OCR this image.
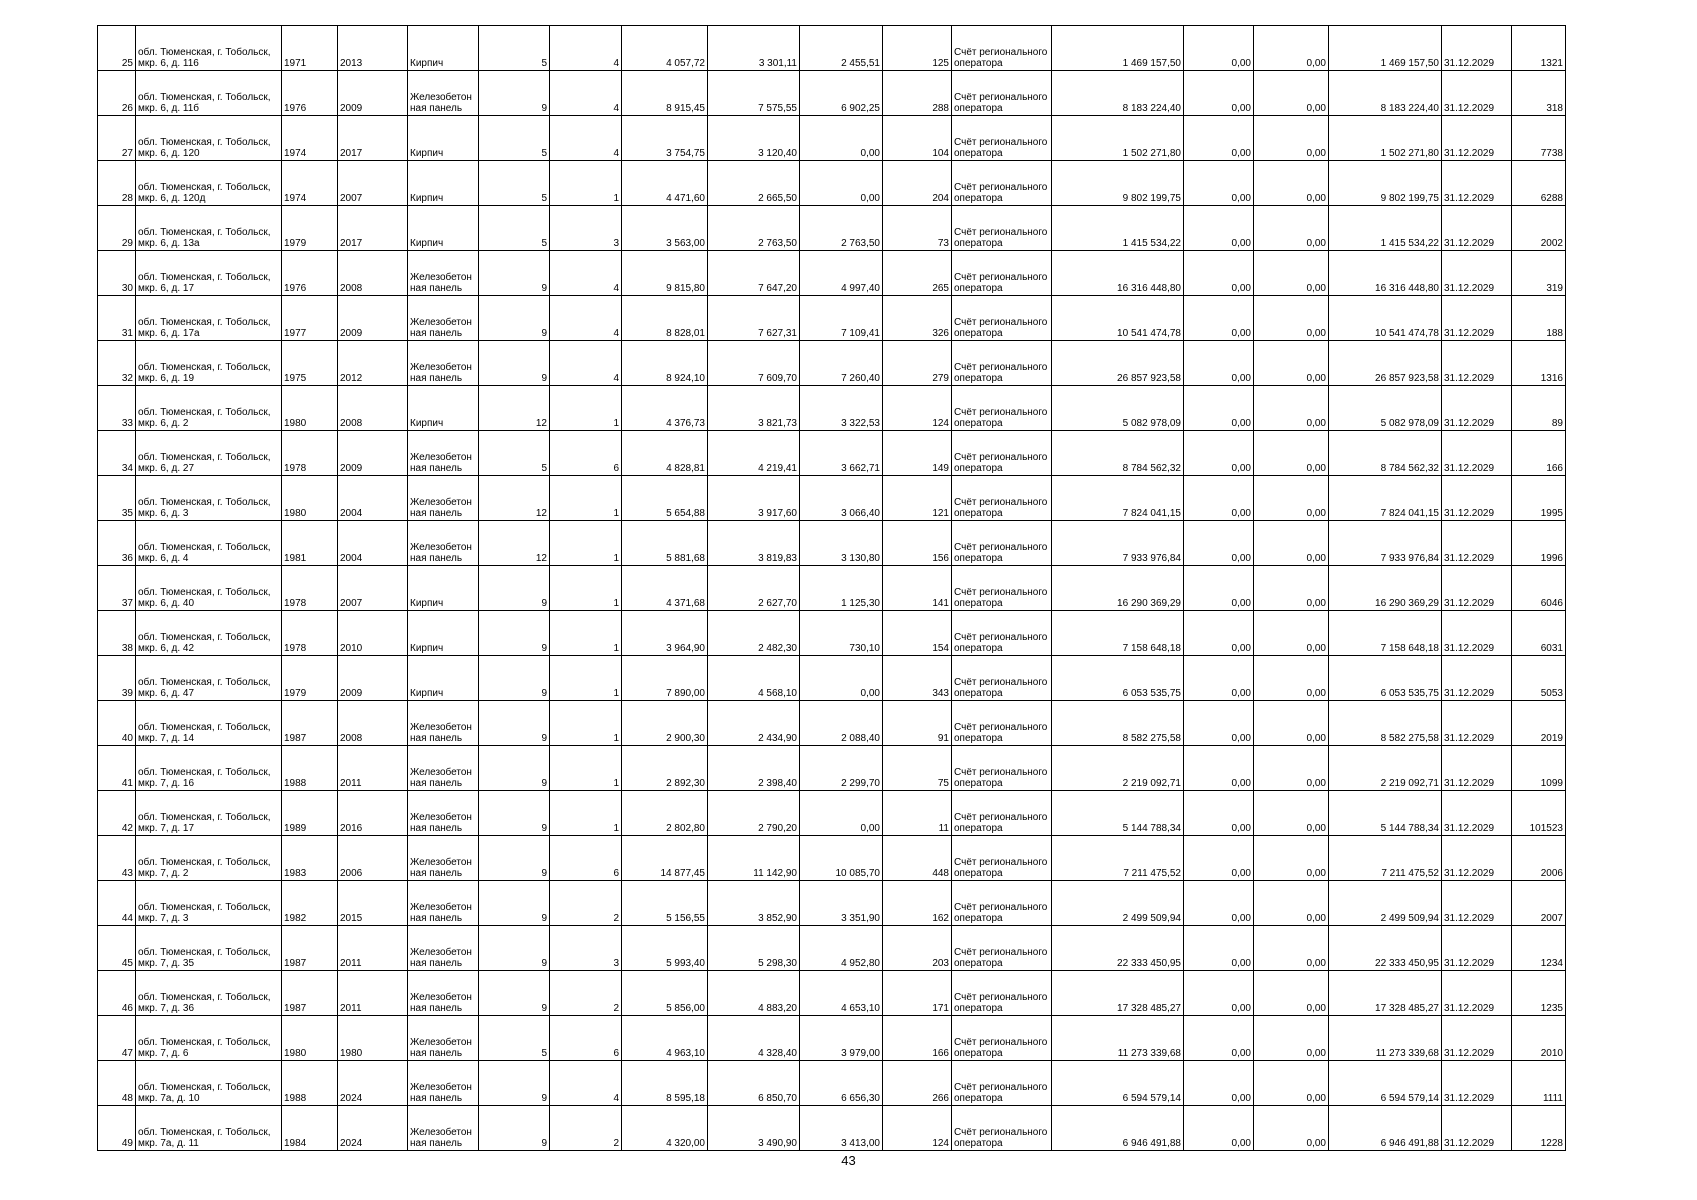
25	обл. Тюменская, г. Тобольск, мкр. 6, д. 116	1971	2013	Кирпич	5	4	4 057,72	3 301,11	2 455,51	125	Счёт регионального оператора	1 469 157,50	0,00	0,00	1 469 157,50	31.12.2029	1321
26	обл. Тюменская, г. Тобольск, мкр. 6, д. 11б	1976	2009	Железобетонная панель	9	4	8 915,45	7 575,55	6 902,25	288	Счёт регионального оператора	8 183 224,40	0,00	0,00	8 183 224,40	31.12.2029	318
27	обл. Тюменская, г. Тобольск, мкр. 6, д. 120	1974	2017	Кирпич	5	4	3 754,75	3 120,40	0,00	104	Счёт регионального оператора	1 502 271,80	0,00	0,00	1 502 271,80	31.12.2029	7738
28	обл. Тюменская, г. Тобольск, мкр. 6, д. 120д	1974	2007	Кирпич	5	1	4 471,60	2 665,50	0,00	204	Счёт регионального оператора	9 802 199,75	0,00	0,00	9 802 199,75	31.12.2029	6288
29	обл. Тюменская, г. Тобольск, мкр. 6, д. 13а	1979	2017	Кирпич	5	3	3 563,00	2 763,50	2 763,50	73	Счёт регионального оператора	1 415 534,22	0,00	0,00	1 415 534,22	31.12.2029	2002
30	обл. Тюменская, г. Тобольск, мкр. 6, д. 17	1976	2008	Железобетонная панель	9	4	9 815,80	7 647,20	4 997,40	265	Счёт регионального оператора	16 316 448,80	0,00	0,00	16 316 448,80	31.12.2029	319
31	обл. Тюменская, г. Тобольск, мкр. 6, д. 17а	1977	2009	Железобетонная панель	9	4	8 828,01	7 627,31	7 109,41	326	Счёт регионального оператора	10 541 474,78	0,00	0,00	10 541 474,78	31.12.2029	188
32	обл. Тюменская, г. Тобольск, мкр. 6, д. 19	1975	2012	Железобетонная панель	9	4	8 924,10	7 609,70	7 260,40	279	Счёт регионального оператора	26 857 923,58	0,00	0,00	26 857 923,58	31.12.2029	1316
33	обл. Тюменская, г. Тобольск, мкр. 6, д. 2	1980	2008	Кирпич	12	1	4 376,73	3 821,73	3 322,53	124	Счёт регионального оператора	5 082 978,09	0,00	0,00	5 082 978,09	31.12.2029	89
34	обл. Тюменская, г. Тобольск, мкр. 6, д. 27	1978	2009	Железобетонная панель	5	6	4 828,81	4 219,41	3 662,71	149	Счёт регионального оператора	8 784 562,32	0,00	0,00	8 784 562,32	31.12.2029	166
35	обл. Тюменская, г. Тобольск, мкр. 6, д. 3	1980	2004	Железобетонная панель	12	1	5 654,88	3 917,60	3 066,40	121	Счёт регионального оператора	7 824 041,15	0,00	0,00	7 824 041,15	31.12.2029	1995
36	обл. Тюменская, г. Тобольск, мкр. 6, д. 4	1981	2004	Железобетонная панель	12	1	5 881,68	3 819,83	3 130,80	156	Счёт регионального оператора	7 933 976,84	0,00	0,00	7 933 976,84	31.12.2029	1996
37	обл. Тюменская, г. Тобольск, мкр. 6, д. 40	1978	2007	Кирпич	9	1	4 371,68	2 627,70	1 125,30	141	Счёт регионального оператора	16 290 369,29	0,00	0,00	16 290 369,29	31.12.2029	6046
38	обл. Тюменская, г. Тобольск, мкр. 6, д. 42	1978	2010	Кирпич	9	1	3 964,90	2 482,30	730,10	154	Счёт регионального оператора	7 158 648,18	0,00	0,00	7 158 648,18	31.12.2029	6031
39	обл. Тюменская, г. Тобольск, мкр. 6, д. 47	1979	2009	Кирпич	9	1	7 890,00	4 568,10	0,00	343	Счёт регионального оператора	6 053 535,75	0,00	0,00	6 053 535,75	31.12.2029	5053
40	обл. Тюменская, г. Тобольск, мкр. 7, д. 14	1987	2008	Железобетонная панель	9	1	2 900,30	2 434,90	2 088,40	91	Счёт регионального оператора	8 582 275,58	0,00	0,00	8 582 275,58	31.12.2029	2019
41	обл. Тюменская, г. Тобольск, мкр. 7, д. 16	1988	2011	Железобетонная панель	9	1	2 892,30	2 398,40	2 299,70	75	Счёт регионального оператора	2 219 092,71	0,00	0,00	2 219 092,71	31.12.2029	1099
42	обл. Тюменская, г. Тобольск, мкр. 7, д. 17	1989	2016	Железобетонная панель	9	1	2 802,80	2 790,20	0,00	11	Счёт регионального оператора	5 144 788,34	0,00	0,00	5 144 788,34	31.12.2029	101523
43	обл. Тюменская, г. Тобольск, мкр. 7, д. 2	1983	2006	Железобетонная панель	9	6	14 877,45	11 142,90	10 085,70	448	Счёт регионального оператора	7 211 475,52	0,00	0,00	7 211 475,52	31.12.2029	2006
44	обл. Тюменская, г. Тобольск, мкр. 7, д. 3	1982	2015	Железобетонная панель	9	2	5 156,55	3 852,90	3 351,90	162	Счёт регионального оператора	2 499 509,94	0,00	0,00	2 499 509,94	31.12.2029	2007
45	обл. Тюменская, г. Тобольск, мкр. 7, д. 35	1987	2011	Железобетонная панель	9	3	5 993,40	5 298,30	4 952,80	203	Счёт регионального оператора	22 333 450,95	0,00	0,00	22 333 450,95	31.12.2029	1234
46	обл. Тюменская, г. Тобольск, мкр. 7, д. 36	1987	2011	Железобетонная панель	9	2	5 856,00	4 883,20	4 653,10	171	Счёт регионального оператора	17 328 485,27	0,00	0,00	17 328 485,27	31.12.2029	1235
47	обл. Тюменская, г. Тобольск, мкр. 7, д. 6	1980	1980	Железобетонная панель	5	6	4 963,10	4 328,40	3 979,00	166	Счёт регионального оператора	11 273 339,68	0,00	0,00	11 273 339,68	31.12.2029	2010
48	обл. Тюменская, г. Тобольск, мкр. 7а, д. 10	1988	2024	Железобетонная панель	9	4	8 595,18	6 850,70	6 656,30	266	Счёт регионального оператора	6 594 579,14	0,00	0,00	6 594 579,14	31.12.2029	1111
49	обл. Тюменская, г. Тобольск, мкр. 7а, д. 11	1984	2024	Железобетонная панель	9	2	4 320,00	3 490,90	3 413,00	124	Счёт регионального оператора	6 946 491,88	0,00	0,00	6 946 491,88	31.12.2029	1228
43
